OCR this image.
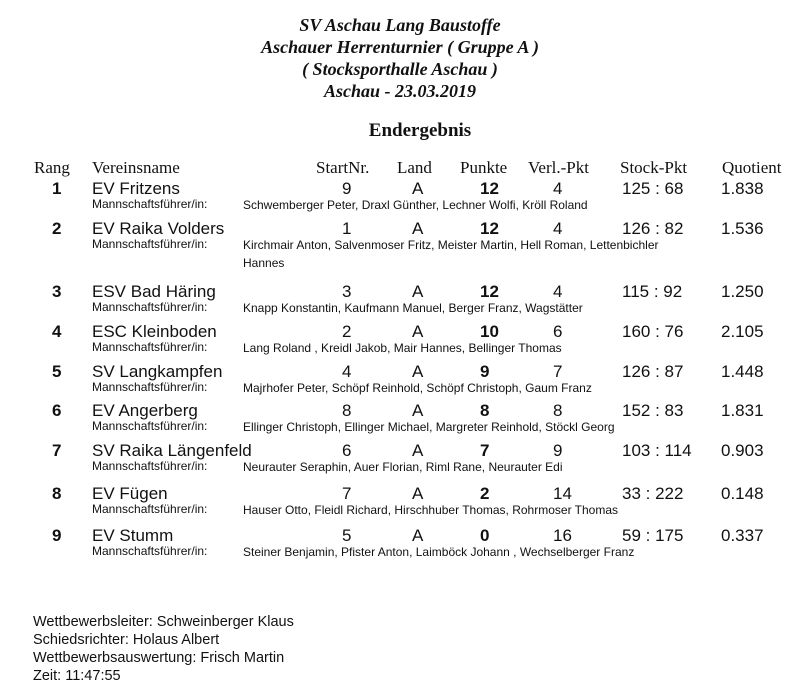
SV Aschau Lang Baustoffe
Aschauer Herrenturnier ( Gruppe A )
( Stocksporthalle Aschau )
Aschau - 23.03.2019
Endergebnis
Rang Vereinsname	StartNr. Land Punkte Verl.-Pkt Stock-Pkt Quotient
1 EV Fritzens	9	A	12	4	125 : 68 1.838
Mannschaftsführer/in:	Schwemberger Peter, Draxl Günther, Lechner Wolfi, Kröll Roland
2 EV Raika Volders	1	A	12	4	126 : 82 1.536
Mannschaftsführer/in:	Kirchmair Anton, Salvenmoser Fritz, Meister Martin, Hell Roman, Lettenbichler Hannes
3 ESV Bad Häring	3	A	12	4	115 : 92 1.250
Mannschaftsführer/in:	Knapp Konstantin, Kaufmann Manuel, Berger Franz, Wagstätter
4 ESC Kleinboden	2	A	10	6	160 : 76 2.105
Mannschaftsführer/in:	Lang Roland , Kreidl Jakob, Mair Hannes, Bellinger Thomas
5 SV Langkampfen	4	A	9	7	126 : 87 1.448
Mannschaftsführer/in:	Majrhofer Peter, Schöpf Reinhold, Schöpf Christoph, Gaum Franz
6 EV Angerberg	8	A	8	8	152 : 83 1.831
Mannschaftsführer/in:	Ellinger Christoph, Ellinger Michael, Margreter Reinhold, Stöckl Georg
7 SV Raika Längenfeld	6	A	7	9	103 : 114 0.903
Mannschaftsführer/in:	Neurauter Seraphin, Auer Florian, Riml Rane, Neurauter Edi
8 EV Fügen	7	A	2	14	33 : 222 0.148
Mannschaftsführer/in:	Hauser Otto, Fleidl Richard, Hirschhuber Thomas, Rohrmoser Thomas
9 EV Stumm	5	A	0	16	59 : 175 0.337
Mannschaftsführer/in:	Steiner Benjamin, Pfister Anton, Laimböck Johann , Wechselberger Franz
Wettbewerbsleiter: Schweinberger Klaus
Schiedsrichter: Holaus Albert
Wettbewerbsauswertung: Frisch Martin
Zeit: 11:47:55
